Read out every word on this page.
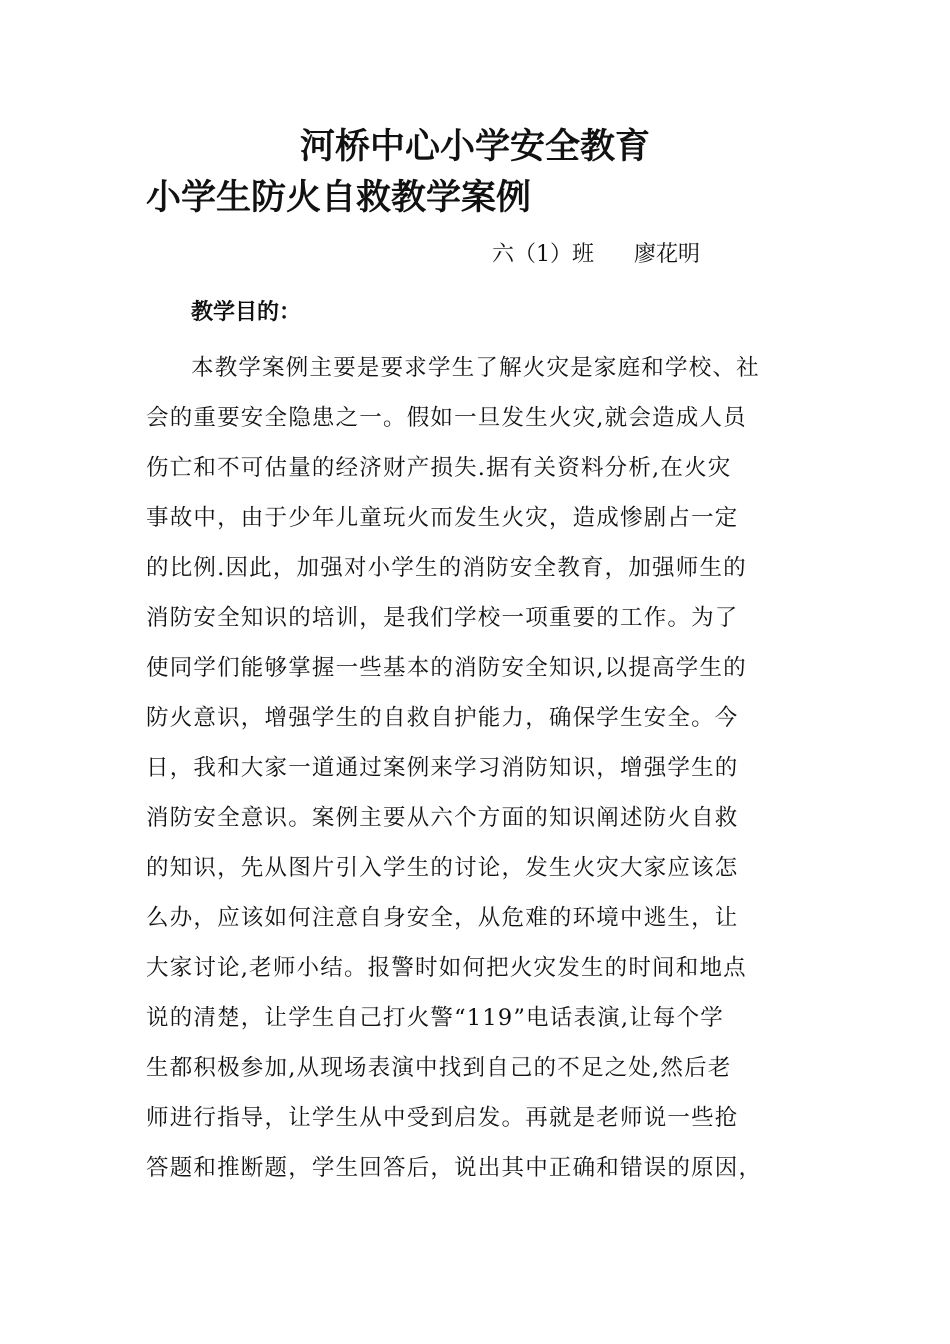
河桥中心小学安全教育
小学生防火自救教学案例
六（1）班 廖花明
教学目的：
本教学案例主要是要求学生了解火灾是家庭和学校、社
会的重要安全隐患之一。假如一旦发生火灾,就会造成人员
伤亡和不可估量的经济财产损失.据有关资料分析,在火灾
事故中，由于少年儿童玩火而发生火灾，造成惨剧占一定
的比例.因此，加强对小学生的消防安全教育，加强师生的
消防安全知识的培训，是我们学校一项重要的工作。为了
使同学们能够掌握一些基本的消防安全知识,以提高学生的
防火意识，增强学生的自救自护能力，确保学生安全。今
日，我和大家一道通过案例来学习消防知识，增强学生的
消防安全意识。案例主要从六个方面的知识阐述防火自救
的知识，先从图片引入学生的讨论，发生火灾大家应该怎
么办，应该如何注意自身安全，从危难的环境中逃生，让
大家讨论,老师小结。报警时如何把火灾发生的时间和地点
说的清楚，让学生自己打火警“119”电话表演,让每个学
生都积极参加,从现场表演中找到自己的不足之处,然后老
师进行指导，让学生从中受到启发。再就是老师说一些抢
答题和推断题，学生回答后，说出其中正确和错误的原因，
